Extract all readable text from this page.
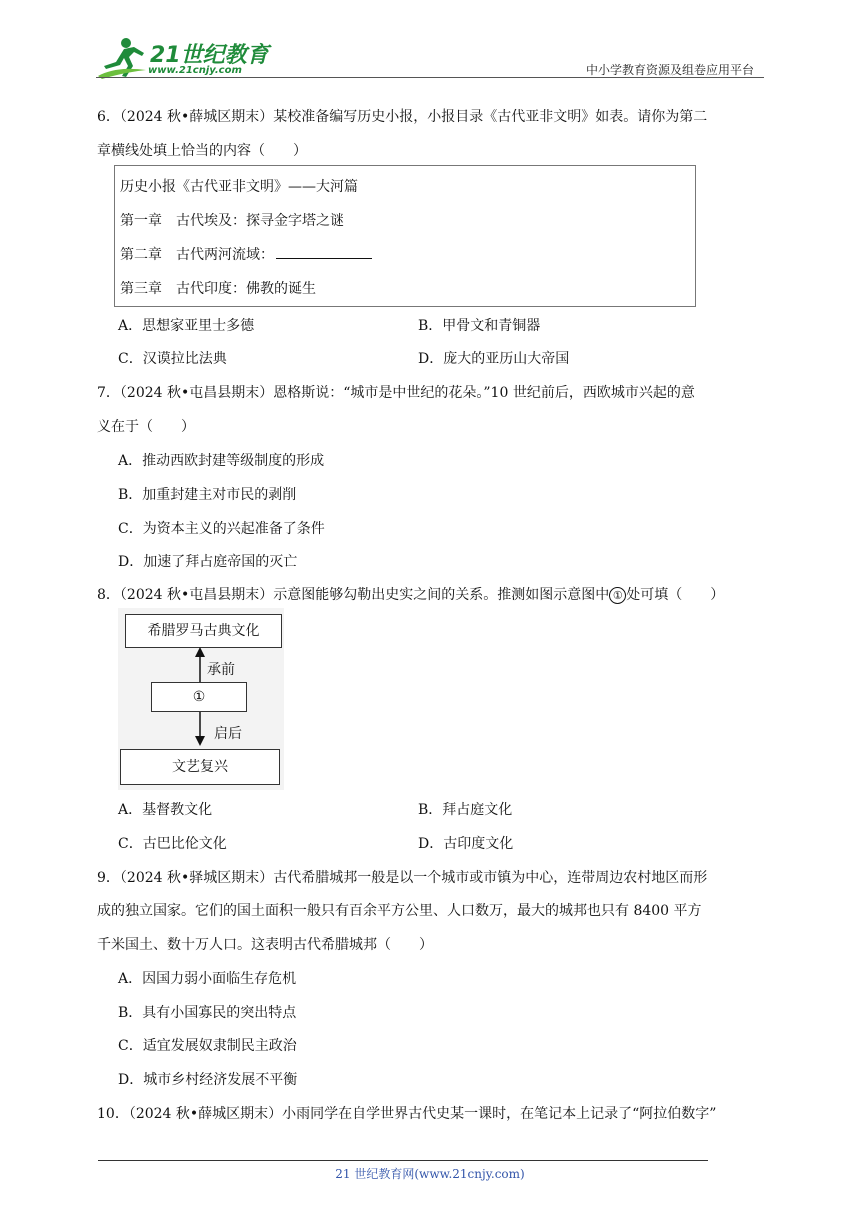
21世纪教育
www.21cnjy.com	中小学教育资源及组卷应用平台
6．（2024 秋•薛城区期末）某校准备编写历史小报，小报目录《古代亚非文明》如表。请你为第二
章横线处填上恰当的内容（　　）
历史小报《古代亚非文明》——大河篇
第一章　古代埃及：探寻金字塔之谜
第二章　古代两河流域：
第三章　古代印度：佛教的诞生
A．思想家亚里士多德	B．甲骨文和青铜器
C．汉谟拉比法典	D．庞大的亚历山大帝国
7．（2024 秋•屯昌县期末）恩格斯说：“城市是中世纪的花朵。”10 世纪前后，西欧城市兴起的意
义在于（　　）
A．推动西欧封建等级制度的形成
B．加重封建主对市民的剥削
C．为资本主义的兴起准备了条件
D．加速了拜占庭帝国的灭亡
8．（2024 秋•屯昌县期末）示意图能够勾勒出史实之间的关系。推测如图示意图中 ① 处可填（　　）
希腊罗马古典文化
承前
①
启后
文艺复兴
A．基督教文化	B．拜占庭文化
C．古巴比伦文化	D．古印度文化
9．（2024 秋•驿城区期末）古代希腊城邦一般是以一个城市或市镇为中心，连带周边农村地区而形
成的独立国家。它们的国土面积一般只有百余平方公里、人口数万，最大的城邦也只有 8400 平方
千米国土、数十万人口。这表明古代希腊城邦（　　）
A．因国力弱小面临生存危机
B．具有小国寡民的突出特点
C．适宜发展奴隶制民主政治
D．城市乡村经济发展不平衡
10．（2024 秋•薛城区期末）小雨同学在自学世界古代史某一课时，在笔记本上记录了“阿拉伯数字”
21 世纪教育网(www.21cnjy.com)
